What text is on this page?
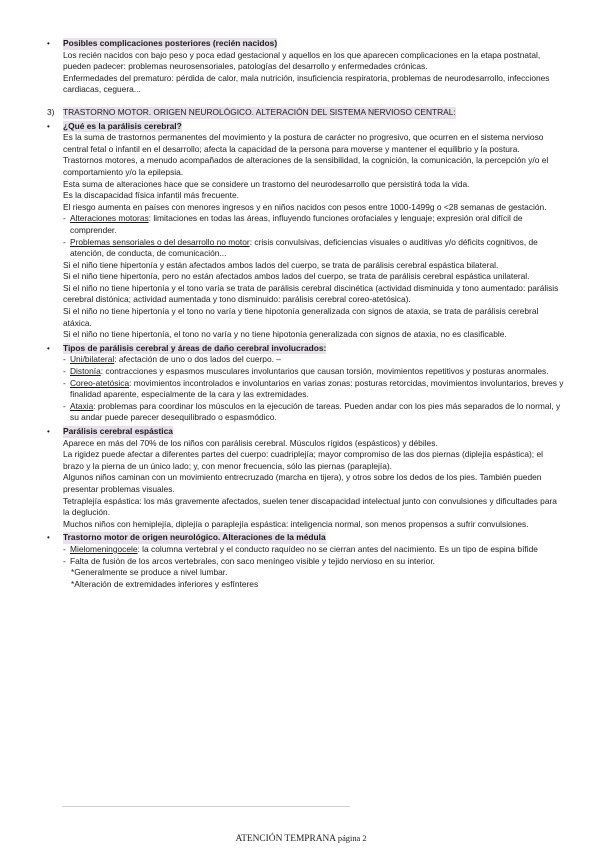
•	Posibles complicaciones posteriores (recién nacidos)

Los recién nacidos con bajo peso y poca edad gestacional y aquellos en los que aparecen complicaciones en la etapa postnatal, pueden padecer: problemas neurosensoriales, patologías del desarrollo y enfermedades crónicas.

Enfermedades del prematuro: pérdida de calor, mala nutrición, insuficiencia respiratoria, problemas de neurodesarrollo, infecciones cardiacas, ceguera...

3)	TRASTORNO MOTOR. ORIGEN NEUROLÓGICO. ALTERACIÓN DEL SISTEMA NERVIOSO CENTRAL:
•	¿Qué es la parálisis cerebral?

Es la suma de trastornos permanentes del movimiento y la postura de carácter no progresivo, que ocurren en el sistema nervioso central fetal o infantil en el desarrollo; afecta la capacidad de la persona para moverse y mantener el equilibrio y la postura.

Trastornos motores, a menudo acompañados de alteraciones de la sensibilidad, la cognición, la comunicación, la percepción y/o el comportamiento y/o la epilepsia.

Esta suma de alteraciones hace que se considere un trastorno del neurodesarrollo que persistirá toda la vida.

Es la discapacidad física infantil más frecuente.

El riesgo aumenta en países con menores ingresos y en niños nacidos con pesos entre 1000-1499g o <28 semanas de gestación.

- Alteraciones motoras: limitaciones en todas las áreas, influyendo funciones orofaciales y lenguaje; expresión oral difícil de comprender.
- Problemas sensoriales o del desarrollo no motor: crisis convulsivas, deficiencias visuales o auditivas y/o déficits cognitivos, de atención, de conducta, de comunicación...

Si el niño tiene hipertonía y están afectados ambos lados del cuerpo, se trata de parálisis cerebral espástica bilateral.

Si el niño tiene hipertonía, pero no están afectados ambos lados del cuerpo, se trata de parálisis cerebral espástica unilateral.

Si el niño no tiene hipertonía y el tono varía se trata de parálisis cerebral discinética (actividad disminuida y tono aumentado: parálisis cerebral distónica; actividad aumentada y tono disminuido: parálisis cerebral coreo-atetósica).

Si el niño no tiene hipertonía y el tono no varía y tiene hipotonía generalizada con signos de ataxia, se trata de parálisis cerebral atáxica.

Si el niño no tiene hipertonía, el tono no varía y no tiene hipotonía generalizada con signos de ataxia, no es clasificable.

•	Tipos de parálisis cerebral y áreas de daño cerebral involucrados:
- Uni/bilateral: afectación de uno o dos lados del cuerpo. –
- Distonía: contracciones y espasmos musculares involuntarios que causan torsión, movimientos repetitivos y posturas anormales.
- Coreo-atetósica: movimientos incontrolados e involuntarios en varias zonas: posturas retorcidas, movimientos involuntarios, breves y finalidad aparente, especialmente de la cara y las extremidades.
- Ataxia: problemas para coordinar los músculos en la ejecución de tareas. Pueden andar con los pies más separados de lo normal, y su andar puede parecer desequilibrado o espasmódico.
•	Parálisis cerebral espástica

Aparece en más del 70% de los niños con parálisis cerebral. Músculos rígidos (espásticos) y débiles.

La rigidez puede afectar a diferentes partes del cuerpo: cuadriplejía; mayor compromiso de las dos piernas (diplejía espástica); el brazo y la pierna de un único lado; y, con menor frecuencia, sólo las piernas (paraplejía).

Algunos niños caminan con un movimiento entrecruzado (marcha en tijera), y otros sobre los dedos de los pies. También pueden presentar problemas visuales.

Tetraplejía espástica: los más gravemente afectados, suelen tener discapacidad intelectual junto con convulsiones y dificultades para la deglución.

Muchos niños con hemiplejía, diplejía o paraplejía espástica: inteligencia normal, son menos propensos a sufrir convulsiones.

•	Trastorno motor de origen neurológico. Alteraciones de la médula
- Mielomeningocele: la columna vertebral y el conducto raquídeo no se cierran antes del nacimiento. Es un tipo de espina bífide
- Falta de fusión de los arcos vertebrales, con saco meníngeo visible y tejido nervioso en su interior.

*Generalmente se produce a nivel lumbar.

*Alteración de extremidades inferiores y esfínteres

ATENCIÓN TEMPRANA página 2
